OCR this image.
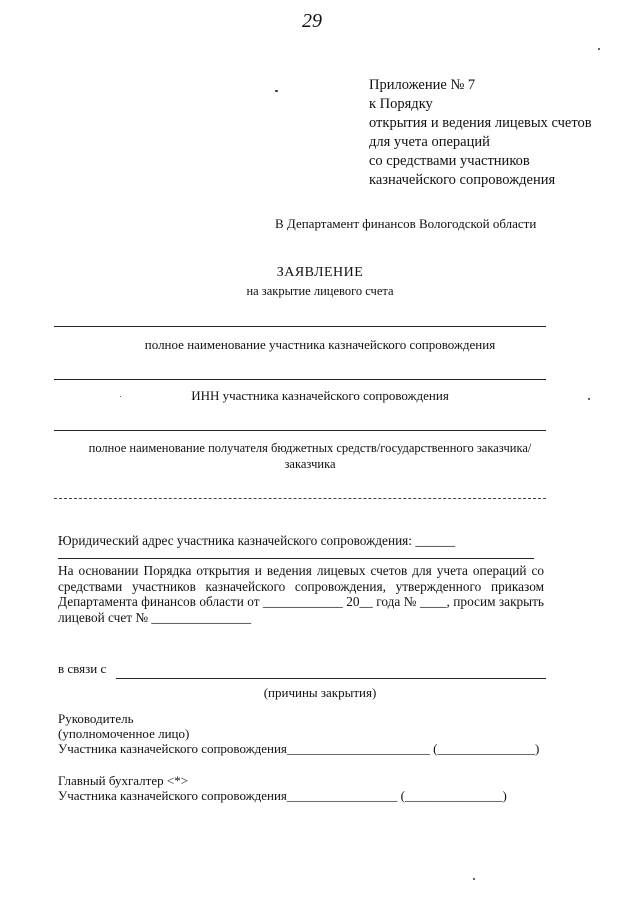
29
Приложение № 7
к Порядку
открытия и ведения лицевых счетов
для учета операций
со средствами участников
казначейского сопровождения
В Департамент финансов Вологодской области
ЗАЯВЛЕНИЕ
на закрытие лицевого счета
полное наименование участника казначейского сопровождения
ИНН участника казначейского сопровождения
полное наименование получателя бюджетных средств/государственного заказчика/
заказчика
Юридический адрес участника казначейского сопровождения: ______
На основании Порядка открытия и ведения лицевых счетов для учета операций со
средствами участников казначейского сопровождения, утвержденного приказом
Департамента финансов области от ____________ 20__ года № ____, просим закрыть
лицевой счет № _______________
в связи с
(причины закрытия)
Руководитель
(уполномоченное лицо)
Участника казначейского сопровождения______________________ (_______________)
Главный бухгалтер <*>
Участника казначейского сопровождения_________________ (_______________)
